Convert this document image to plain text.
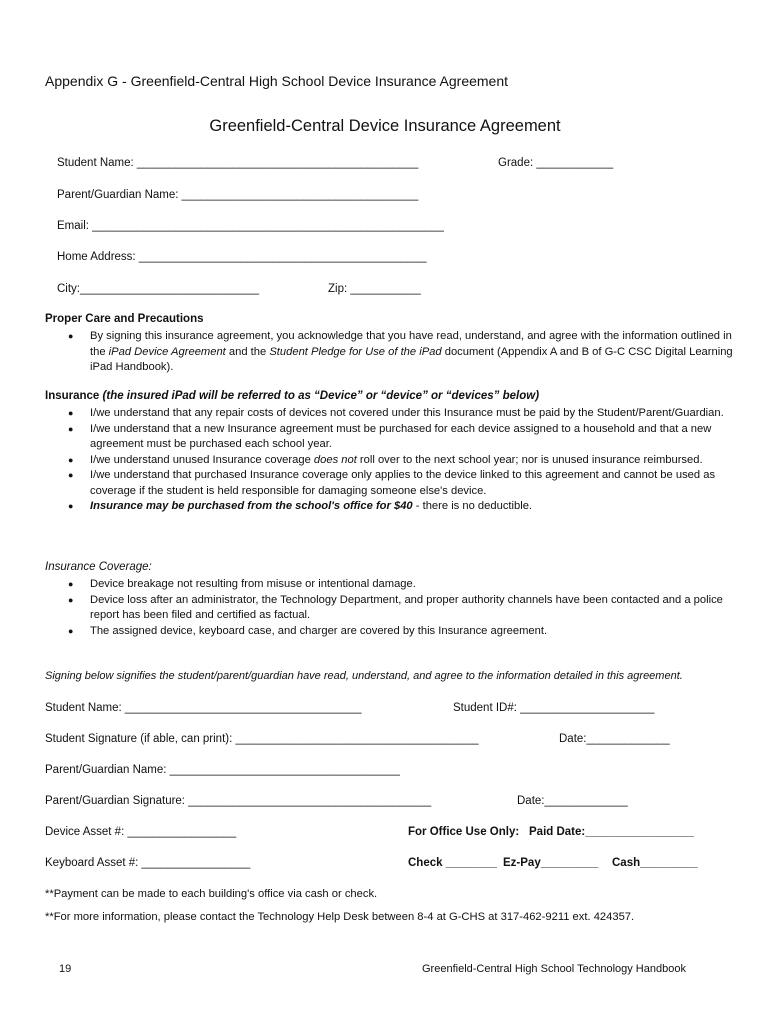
Appendix G - Greenfield-Central High School Device Insurance Agreement
Greenfield-Central Device Insurance Agreement
Student Name: ____________________________________________	Grade: ____________
Parent/Guardian Name: _____________________________________
Email: _______________________________________________________
Home Address: _____________________________________________
City:____________________________	Zip: ___________
Proper Care and Precautions
● By signing this insurance agreement, you acknowledge that you have read, understand, and agree with the information outlined in the iPad Device Agreement and the Student Pledge for Use of the iPad document (Appendix A and B of G-C CSC Digital Learning iPad Handbook).
Insurance (the insured iPad will be referred to as “Device” or “device” or “devices” below)
● I/we understand that any repair costs of devices not covered under this Insurance must be paid by the Student/Parent/Guardian.
● I/we understand that a new Insurance agreement must be purchased for each device assigned to a household and that a new agreement must be purchased each school year.
● I/we understand unused Insurance coverage does not roll over to the next school year; nor is unused insurance reimbursed.
● I/we understand that purchased Insurance coverage only applies to the device linked to this agreement and cannot be used as coverage if the student is held responsible for damaging someone else's device.
● Insurance may be purchased from the school's office for $40 - there is no deductible.
Insurance Coverage:
● Device breakage not resulting from misuse or intentional damage.
● Device loss after an administrator, the Technology Department, and proper authority channels have been contacted and a police report has been filed and certified as factual.
● The assigned device, keyboard case, and charger are covered by this Insurance agreement.
Signing below signifies the student/parent/guardian have read, understand, and agree to the information detailed in this agreement.
Student Name: _____________________________________	Student ID#: _____________________
Student Signature (if able, can print): ______________________________________	Date:_____________
Parent/Guardian Name: ____________________________________
Parent/Guardian Signature: ______________________________________	Date:_____________
Device Asset #: _________________	For Office Use Only: Paid Date:_________________
Keyboard Asset #: _________________	Check ________ Ez-Pay_________ Cash_________
**Payment can be made to each building's office via cash or check.
**For more information, please contact the Technology Help Desk between 8-4 at G-CHS at 317-462-9211 ext. 424357.
19	Greenfield-Central High School Technology Handbook
